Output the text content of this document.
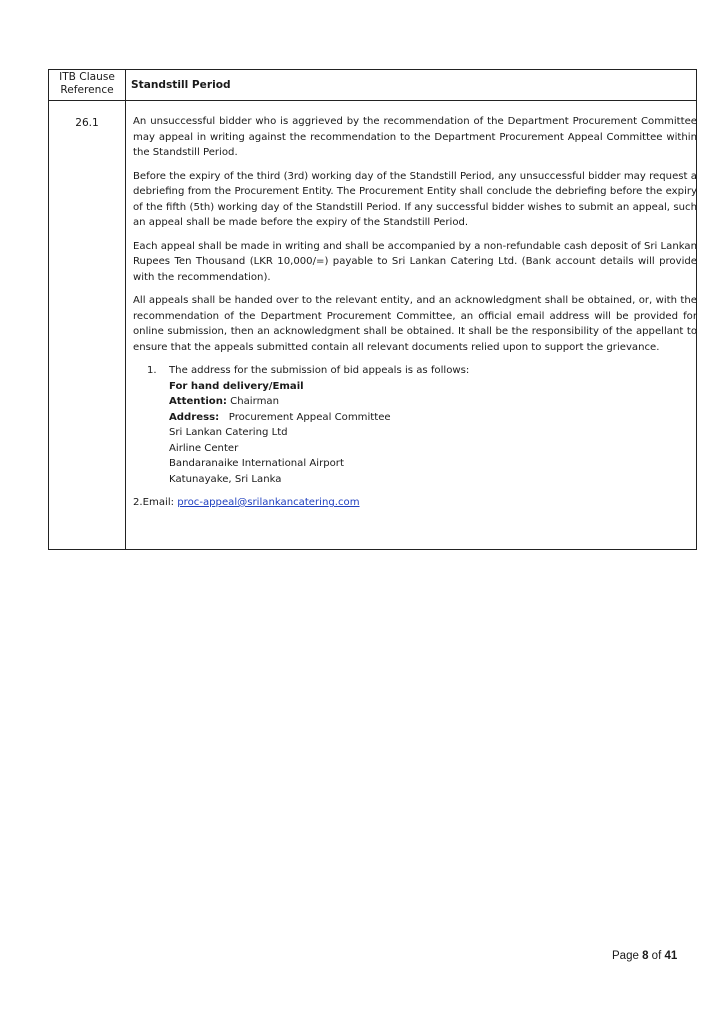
ITB Clause
Reference	Standstill Period
26.1	An unsuccessful bidder who is aggrieved by the recommendation of the Department Procurement Committee may appeal in writing against the recommendation to the Department Procurement Appeal Committee within the Standstill Period.

Before the expiry of the third (3rd) working day of the Standstill Period, any unsuccessful bidder may request a debriefing from the Procurement Entity. The Procurement Entity shall conclude the debriefing before the expiry of the fifth (5th) working day of the Standstill Period. If any successful bidder wishes to submit an appeal, such an appeal shall be made before the expiry of the Standstill Period.

Each appeal shall be made in writing and shall be accompanied by a non-refundable cash deposit of Sri Lankan Rupees Ten Thousand (LKR 10,000/=) payable to Sri Lankan Catering Ltd. (Bank account details will provide with the recommendation).

All appeals shall be handed over to the relevant entity, and an acknowledgment shall be obtained, or, with the recommendation of the Department Procurement Committee, an official email address will be provided for online submission, then an acknowledgment shall be obtained. It shall be the responsibility of the appellant to ensure that the appeals submitted contain all relevant documents relied upon to support the grievance.

1.	The address for the submission of bid appeals is as follows:
For hand delivery/Email
Attention: Chairman
Address: Procurement Appeal Committee
Sri Lankan Catering Ltd
Airline Center
Bandaranaike International Airport
Katunayake, Sri Lanka
2.Email: proc-appeal@srilankancatering.com
Page 8 of 41
